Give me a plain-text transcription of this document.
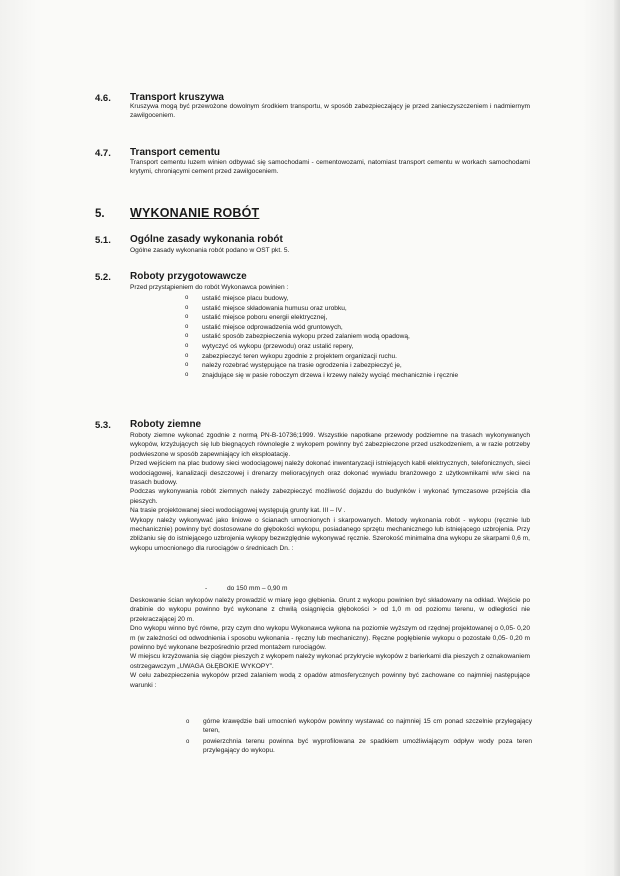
4.6. Transport kruszywa
Kruszywa mogą być przewożone dowolnym środkiem transportu, w sposób zabezpieczający je przed zanieczyszczeniem i nadmiernym zawilgoceniem.
4.7. Transport cementu
Transport cementu luzem winien odbywać się samochodami - cementowozami, natomiast transport cementu w workach samochodami krytymi, chroniącymi cement przed zawilgoceniem.
5. WYKONANIE ROBÓT
5.1. Ogólne zasady wykonania robót
Ogólne zasady wykonania robót podano w OST pkt. 5.
5.2. Roboty przygotowawcze
Przed przystąpieniem do robót Wykonawca powinien :
o ustalić miejsce placu budowy,
o ustalić miejsce składowania humusu oraz urobku,
o ustalić miejsce poboru energii elektrycznej,
o ustalić miejsce odprowadzenia wód gruntowych,
o ustalić sposób zabezpieczenia wykopu przed zalaniem wodą opadową,
o wytyczyć oś wykopu (przewodu) oraz ustalić repery,
o zabezpieczyć teren wykopu zgodnie z projektem organizacji ruchu.
o należy rozebrać występujące na trasie ogrodzenia i zabezpieczyć je,
o znajdujące się w pasie roboczym drzewa i krzewy należy wyciąć mechanicznie i ręcznie
5.3. Roboty ziemne
Roboty ziemne wykonać zgodnie z normą PN-B-10736;1999. Wszystkie napotkane przewody podziemne na trasach wykonywanych wykopów, krzyżujących się lub biegnących równolegle z wykopem powinny być zabezpieczone przed uszkodzeniem, a w razie potrzeby podwieszone w sposób zapewniający ich eksploatację.
Przed wejściem na plac budowy sieci wodociągowej należy dokonać inwentaryzacji istniejących kabli elektrycznych, telefonicznych, sieci wodociągowej, kanalizacji deszczowej i drenarzy melioracyjnych oraz dokonać wywiadu branżowego z użytkownikami w/w sieci na trasach budowy.
Podczas wykonywania robót ziemnych należy zabezpieczyć możliwość dojazdu do budynków i wykonać tymczasowe przejścia dla pieszych.
Na trasie projektowanej sieci wodociągowej występują grunty kat. III – IV .
Wykopy należy wykonywać jako liniowe o ścianach umocnionych i skarpowanych. Metody wykonania robót - wykopu (ręcznie lub mechanicznie) powinny być dostosowane do głębokości wykopu, posiadanego sprzętu mechanicznego lub istniejącego uzbrojenia. Przy zbliżaniu się do istniejącego uzbrojenia wykopy bezwzględnie wykonywać ręcznie. Szerokość minimalna dna wykopu ze skarpami 0,6 m, wykopu umocnionego dla rurociągów o średnicach Dn. :
-	do 150 mm – 0,90 m
Deskowanie ścian wykopów należy prowadzić w miarę jego głębienia. Grunt z wykopu powinien być składowany na odkład. Wejście po drabinie do wykopu powinno być wykonane z chwilą osiągnięcia głębokości > od 1,0 m od poziomu terenu, w odległości nie przekraczającej 20 m.
Dno wykopu winno być równe, przy czym dno wykopu Wykonawca wykona na poziomie wyższym od rzędnej projektowanej o 0,05- 0,20 m (w zależności od odwodnienia i sposobu wykonania - ręczny lub mechaniczny). Ręczne pogłębienie wykopu o pozostałe 0,05- 0,20 m powinno być wykonane bezpośrednio przed montażem rurociągów.
W miejscu krzyżowania się ciągów pieszych z wykopem należy wykonać przykrycie wykopów z barierkami dla pieszych z oznakowaniem ostrzegawczym „UWAGA GŁĘBOKIE WYKOPY”.
W celu zabezpieczenia wykopów przed zalaniem wodą z opadów atmosferycznych powinny być zachowane co najmniej następujące warunki :
o górne krawędzie bali umocnień wykopów powinny wystawać co najmniej 15 cm ponad szczelnie przylegający teren,
o powierzchnia terenu powinna być wyprofilowana ze spadkiem umożliwiającym odpływ wody poza teren przylegający do wykopu.
